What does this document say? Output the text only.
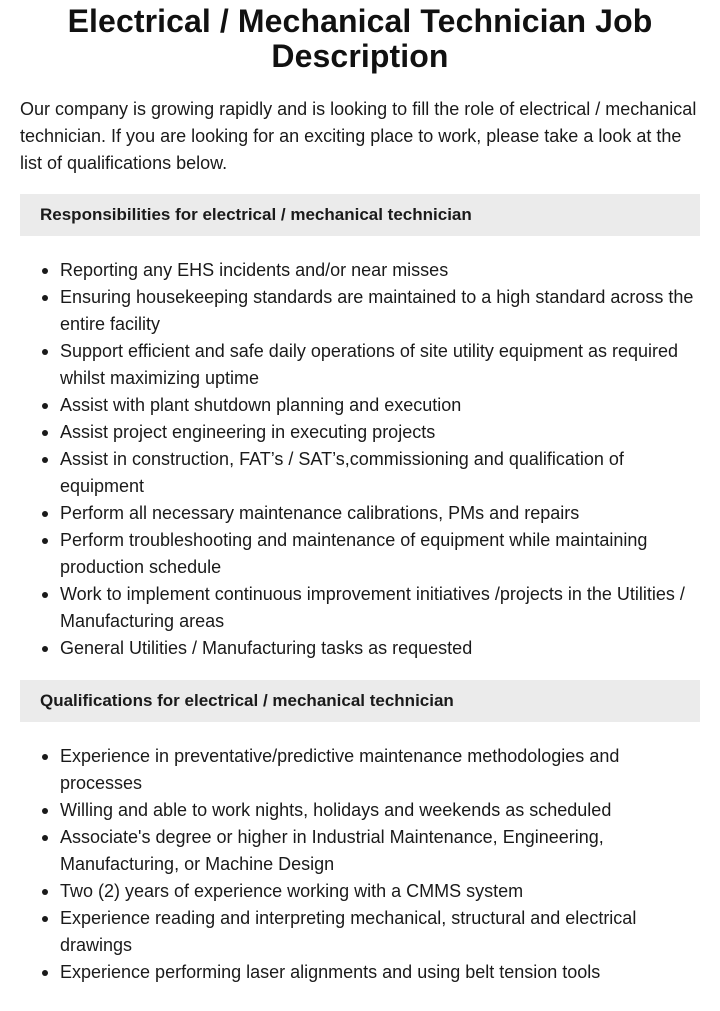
Electrical / Mechanical Technician Job Description

Our company is growing rapidly and is looking to fill the role of electrical / mechanical technician. If you are looking for an exciting place to work, please take a look at the list of qualifications below.

Responsibilities for electrical / mechanical technician
Reporting any EHS incidents and/or near misses
Ensuring housekeeping standards are maintained to a high standard across the entire facility
Support efficient and safe daily operations of site utility equipment as required whilst maximizing uptime
Assist with plant shutdown planning and execution
Assist project engineering in executing projects
Assist in construction, FAT’s / SAT’s,commissioning and qualification of equipment
Perform all necessary maintenance calibrations, PMs and repairs
Perform troubleshooting and maintenance of equipment while maintaining production schedule
Work to implement continuous improvement initiatives /projects in the Utilities / Manufacturing areas
General Utilities / Manufacturing tasks as requested
Qualifications for electrical / mechanical technician
Experience in preventative/predictive maintenance methodologies and processes
Willing and able to work nights, holidays and weekends as scheduled
Associate's degree or higher in Industrial Maintenance, Engineering, Manufacturing, or Machine Design
Two (2) years of experience working with a CMMS system
Experience reading and interpreting mechanical, structural and electrical drawings
Experience performing laser alignments and using belt tension tools
